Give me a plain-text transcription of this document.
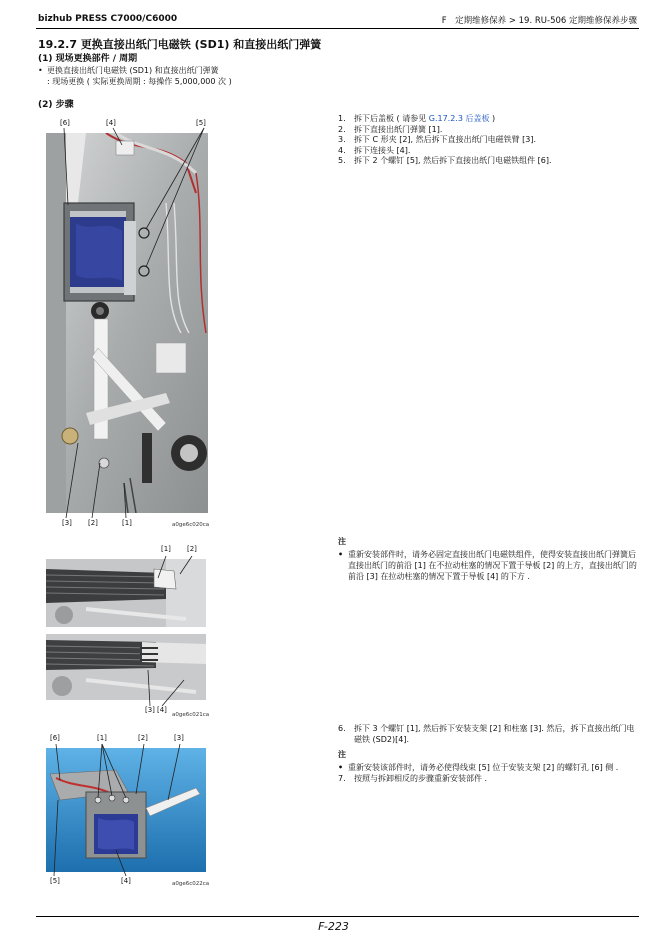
bizhub PRESS C7000/C6000	F　定期维修保养 > 19. RU-506 定期维修保养步骤
19.2.7 更换直接出纸门电磁铁 (SD1) 和直接出纸门弹簧
(1) 现场更换部件 / 周期
• 更换直接出纸门电磁铁 (SD1) 和直接出纸门弹簧
: 现场更换 ( 实际更换周期 : 每操作 5,000,000 次 )
(2) 步骤
1.	拆下后盖板 ( 请参见 G.17.2.3 后盖板 )
2.	拆下直接出纸门弹簧 [1].
3.	拆下 C 形夹 [2], 然后拆下直接出纸门电磁铁臂 [3].
4.	拆下连接头 [4].
5.	拆下 2 个螺钉 [5], 然后拆下直接出纸门电磁铁组件 [6].
[6]	[4]	[5]
[3] [2]	[1]	a0ge6c020ca
注
• 重新安装部件时，请务必固定直接出纸门电磁铁组件，使得安装直接出纸门弹簧后直接出纸门的前沿 [1] 在不拉动柱塞的情况下置于导板 [2] 的上方，直接出纸门的前沿 [3] 在拉动柱塞的情况下置于导板 [4] 的下方 .
[1] [2]
[3] [4]
a0ge6c021ca
6.	拆下 3 个螺钉 [1], 然后拆下安装支架 [2] 和柱塞 [3]. 然后，拆下直接出纸门电磁铁 (SD2)[4].
注
• 重新安装该部件时，请务必使得线束 [5] 位于安装支架 [2] 的螺钉孔 [6] 侧 .
7.	按照与拆卸相反的步骤重新安装部件 .
[6]	[1]	[2]	[3]
[5]	[4]	a0ge6c022ca
F-223
